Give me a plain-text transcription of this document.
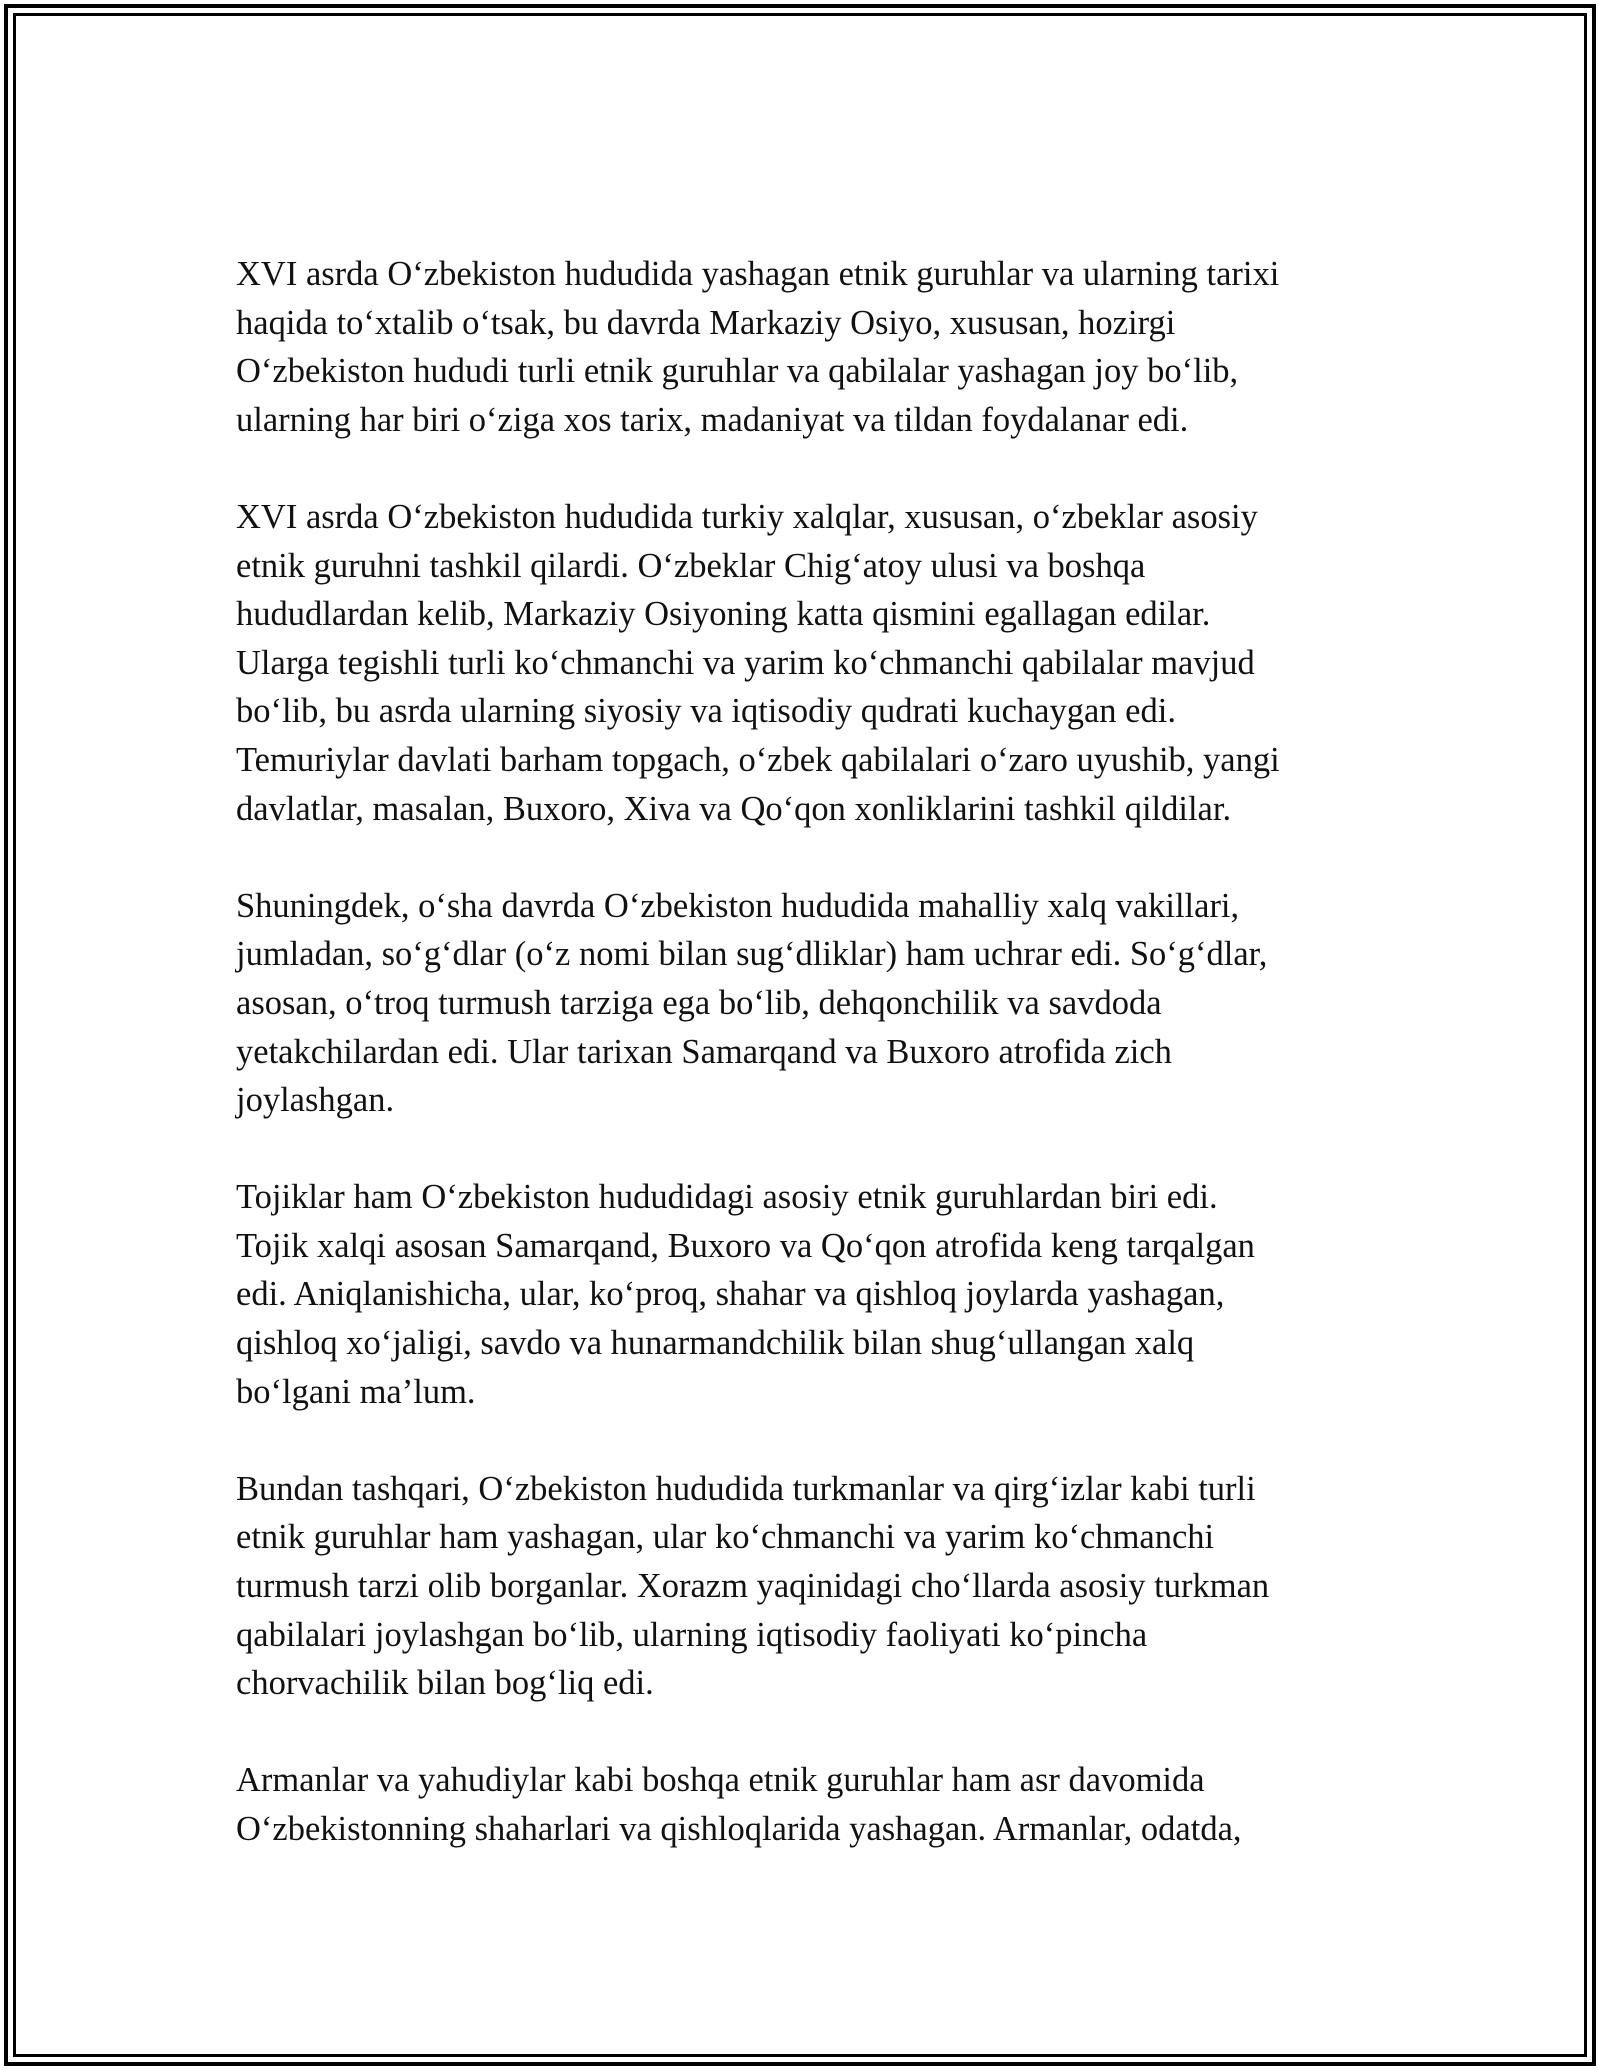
XVI asrda O‘zbekiston hududida yashagan etnik guruhlar va ularning tarixi
haqida to‘xtalib o‘tsak, bu davrda Markaziy Osiyo, xususan, hozirgi
O‘zbekiston hududi turli etnik guruhlar va qabilalar yashagan joy bo‘lib,
ularning har biri o‘ziga xos tarix, madaniyat va tildan foydalanar edi.

XVI asrda O‘zbekiston hududida turkiy xalqlar, xususan, o‘zbeklar asosiy
etnik guruhni tashkil qilardi. O‘zbeklar Chig‘atoy ulusi va boshqa
hududlardan kelib, Markaziy Osiyoning katta qismini egallagan edilar.
Ularga tegishli turli ko‘chmanchi va yarim ko‘chmanchi qabilalar mavjud
bo‘lib, bu asrda ularning siyosiy va iqtisodiy qudrati kuchaygan edi.
Temuriylar davlati barham topgach, o‘zbek qabilalari o‘zaro uyushib, yangi
davlatlar, masalan, Buxoro, Xiva va Qo‘qon xonliklarini tashkil qildilar.

Shuningdek, o‘sha davrda O‘zbekiston hududida mahalliy xalq vakillari,
jumladan, so‘g‘dlar (o‘z nomi bilan sug‘dliklar) ham uchrar edi. So‘g‘dlar,
asosan, o‘troq turmush tarziga ega bo‘lib, dehqonchilik va savdoda
yetakchilardan edi. Ular tarixan Samarqand va Buxoro atrofida zich
joylashgan.

Tojiklar ham O‘zbekiston hududidagi asosiy etnik guruhlardan biri edi.
Tojik xalqi asosan Samarqand, Buxoro va Qo‘qon atrofida keng tarqalgan
edi. Aniqlanishicha, ular, ko‘proq, shahar va qishloq joylarda yashagan,
qishloq xo‘jaligi, savdo va hunarmandchilik bilan shug‘ullangan xalq
bo‘lgani ma’lum.

Bundan tashqari, O‘zbekiston hududida turkmanlar va qirg‘izlar kabi turli
etnik guruhlar ham yashagan, ular ko‘chmanchi va yarim ko‘chmanchi
turmush tarzi olib borganlar. Xorazm yaqinidagi cho‘llarda asosiy turkman
qabilalari joylashgan bo‘lib, ularning iqtisodiy faoliyati ko‘pincha
chorvachilik bilan bog‘liq edi.

Armanlar va yahudiylar kabi boshqa etnik guruhlar ham asr davomida
O‘zbekistonning shaharlari va qishloqlarida yashagan. Armanlar, odatda,
